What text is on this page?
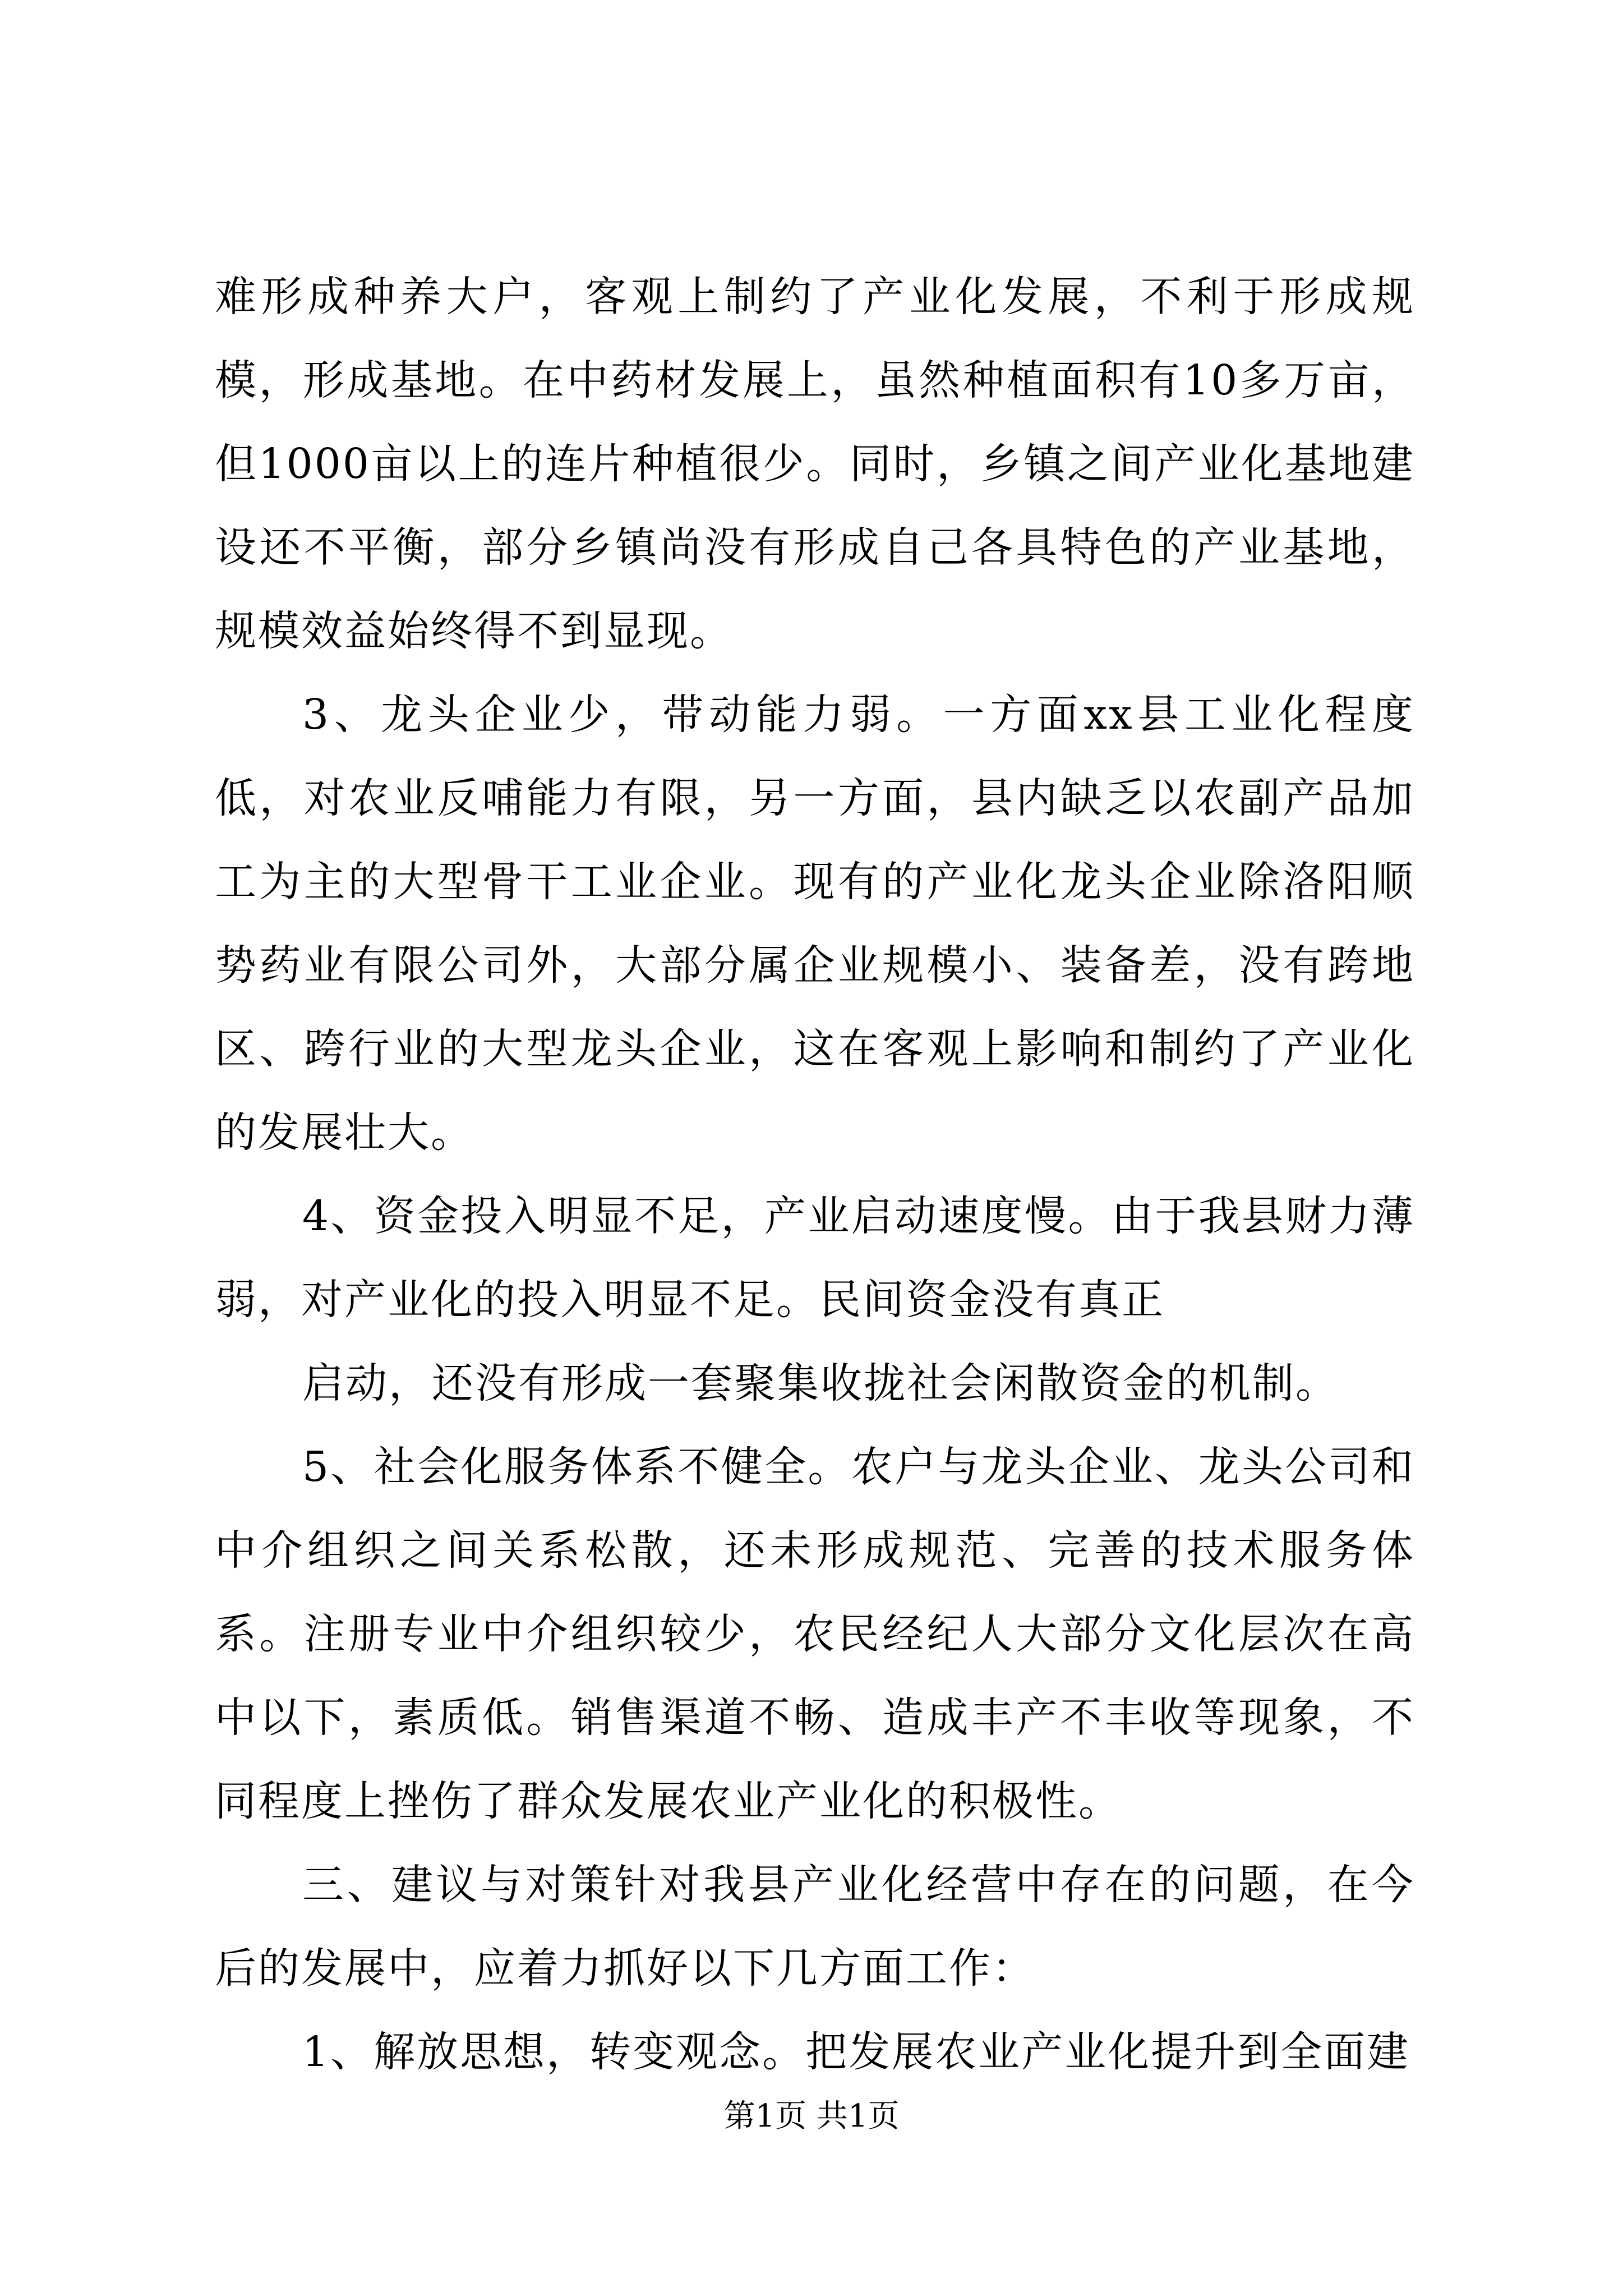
难形成种养大户，客观上制约了产业化发展，不利于形成规模，形成基地。在中药材发展上，虽然种植面积有10多万亩，但1000亩以上的连片种植很少。同时，乡镇之间产业化基地建设还不平衡，部分乡镇尚没有形成自己各具特色的产业基地，规模效益始终得不到显现。

3、龙头企业少，带动能力弱。一方面xx县工业化程度低，对农业反哺能力有限，另一方面，县内缺乏以农副产品加工为主的大型骨干工业企业。现有的产业化龙头企业除洛阳顺势药业有限公司外，大部分属企业规模小、装备差，没有跨地区、跨行业的大型龙头企业，这在客观上影响和制约了产业化的发展壮大。

4、资金投入明显不足，产业启动速度慢。由于我县财力薄弱，对产业化的投入明显不足。民间资金没有真正

启动，还没有形成一套聚集收拢社会闲散资金的机制。

5、社会化服务体系不健全。农户与龙头企业、龙头公司和中介组织之间关系松散，还未形成规范、完善的技术服务体系。注册专业中介组织较少，农民经纪人大部分文化层次在高中以下，素质低。销售渠道不畅、造成丰产不丰收等现象，不同程度上挫伤了群众发展农业产业化的积极性。

三、建议与对策针对我县产业化经营中存在的问题，在今后的发展中，应着力抓好以下几方面工作：

1、解放思想，转变观念。把发展农业产业化提升到全面建

第1页 共1页
